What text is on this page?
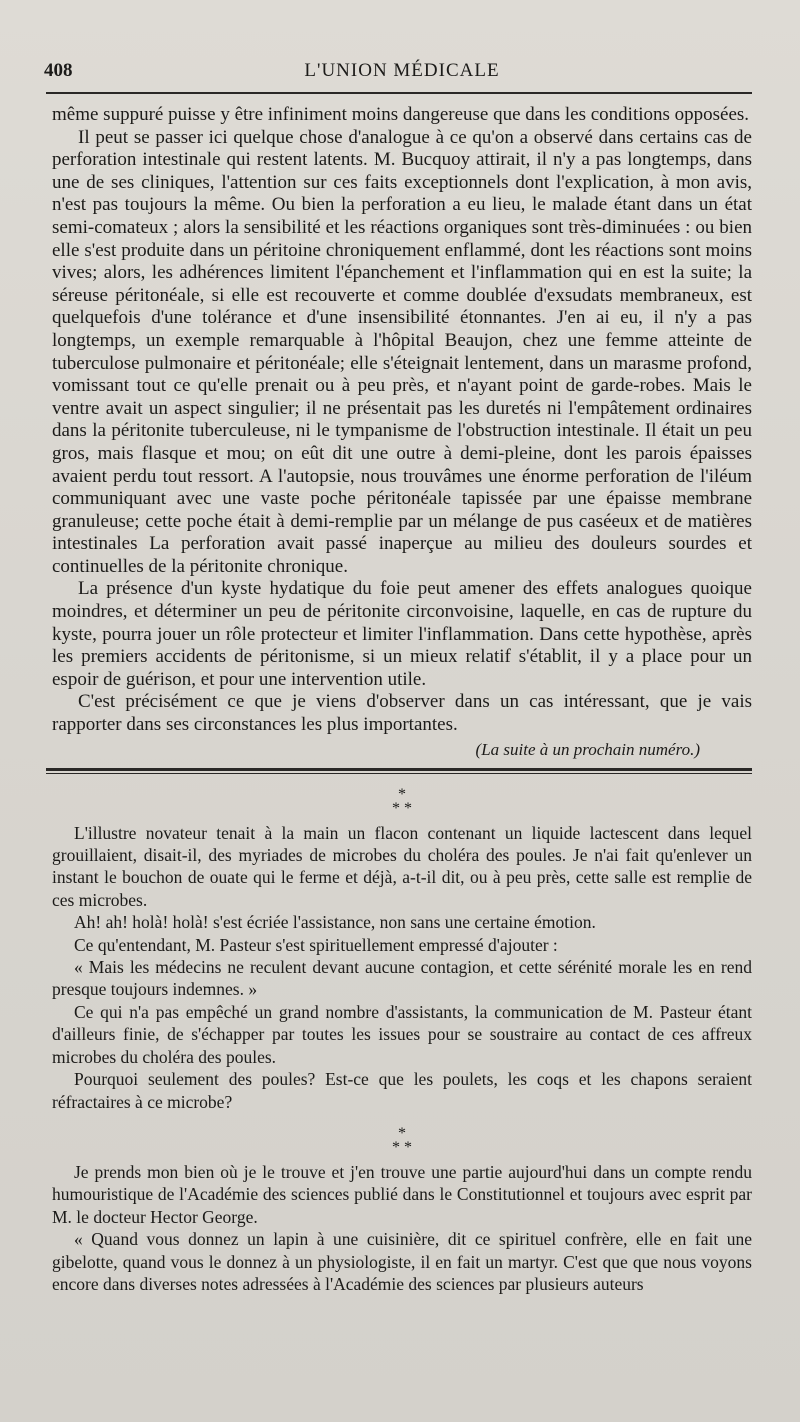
408	L'UNION MÉDICALE

même suppuré puisse y être infiniment moins dangereuse que dans les conditions opposées.

Il peut se passer ici quelque chose d'analogue à ce qu'on a observé dans certains cas de perforation intestinale qui restent latents. M. Bucquoy attirait, il n'y a pas longtemps, dans une de ses cliniques, l'attention sur ces faits exceptionnels dont l'explication, à mon avis, n'est pas toujours la même. Ou bien la perforation a eu lieu, le malade étant dans un état semi-comateux ; alors la sensibilité et les réactions organiques sont très-diminuées : ou bien elle s'est produite dans un péritoine chroniquement enflammé, dont les réactions sont moins vives; alors, les adhérences limitent l'épanchement et l'inflammation qui en est la suite; la séreuse péritonéale, si elle est recouverte et comme doublée d'exsudats membraneux, est quelquefois d'une tolérance et d'une insensibilité étonnantes. J'en ai eu, il n'y a pas longtemps, un exemple remarquable à l'hôpital Beaujon, chez une femme atteinte de tuberculose pulmonaire et péritonéale; elle s'éteignait lentement, dans un marasme profond, vomissant tout ce qu'elle prenait ou à peu près, et n'ayant point de garde-robes. Mais le ventre avait un aspect singulier; il ne présentait pas les duretés ni l'empâtement ordinaires dans la péritonite tuberculeuse, ni le tympanisme de l'obstruction intestinale. Il était un peu gros, mais flasque et mou; on eût dit une outre à demi-pleine, dont les parois épaisses avaient perdu tout ressort. A l'autopsie, nous trouvâmes une énorme perforation de l'iléum communiquant avec une vaste poche péritonéale tapissée par une épaisse membrane granuleuse; cette poche était à demi-remplie par un mélange de pus caséeux et de matières intestinales La perforation avait passé inaperçue au milieu des douleurs sourdes et continuelles de la péritonite chronique.

La présence d'un kyste hydatique du foie peut amener des effets analogues quoique moindres, et déterminer un peu de péritonite circonvoisine, laquelle, en cas de rupture du kyste, pourra jouer un rôle protecteur et limiter l'inflammation. Dans cette hypothèse, après les premiers accidents de péritonisme, si un mieux relatif s'établit, il y a place pour un espoir de guérison, et pour une intervention utile.

C'est précisément ce que je viens d'observer dans un cas intéressant, que je vais rapporter dans ses circonstances les plus importantes.

(La suite à un prochain numéro.)
*
* *

L'illustre novateur tenait à la main un flacon contenant un liquide lactescent dans lequel grouillaient, disait-il, des myriades de microbes du choléra des poules. Je n'ai fait qu'enlever un instant le bouchon de ouate qui le ferme et déjà, a-t-il dit, ou à peu près, cette salle est remplie de ces microbes.

Ah! ah! holà! holà! s'est écriée l'assistance, non sans une certaine émotion.

Ce qu'entendant, M. Pasteur s'est spirituellement empressé d'ajouter :

« Mais les médecins ne reculent devant aucune contagion, et cette sérénité morale les en rend presque toujours indemnes. »

Ce qui n'a pas empêché un grand nombre d'assistants, la communication de M. Pasteur étant d'ailleurs finie, de s'échapper par toutes les issues pour se soustraire au contact de ces affreux microbes du choléra des poules.

Pourquoi seulement des poules? Est-ce que les poulets, les coqs et les chapons seraient réfractaires à ce microbe?

*
* *

Je prends mon bien où je le trouve et j'en trouve une partie aujourd'hui dans un compte rendu humouristique de l'Académie des sciences publié dans le Constitutionnel et toujours avec esprit par M. le docteur Hector George.

« Quand vous donnez un lapin à une cuisinière, dit ce spirituel confrère, elle en fait une gibelotte, quand vous le donnez à un physiologiste, il en fait un martyr. C'est que que nous voyons encore dans diverses notes adressées à l'Académie des sciences par plusieurs auteurs
